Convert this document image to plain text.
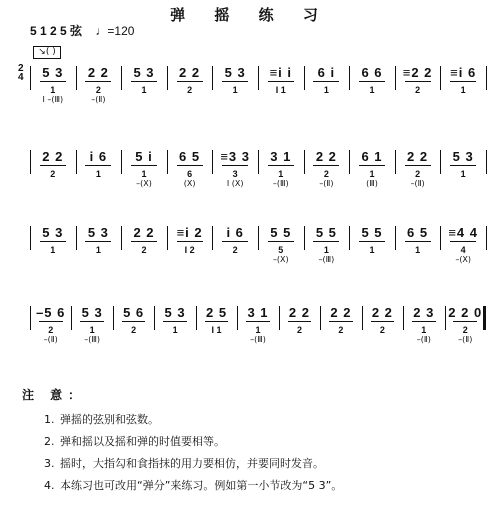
弹 摇 练 习
5 1 2 5 弦 ♩=120
↘( )
2
4	5 3
1
I –(Ⅲ)
2 2
2
–(Ⅱ)
5 3
1
2 2
2
5 3
1
≡i i
I 1
6 i
1
6 6
1
≡2 2
2
≡i 6
1
2 2
2
i 6
1
5 i
1
–(Ⅹ)
6 5
6
(Ⅹ)
≡3 3
3
I (Ⅹ)
3 1
1
–(Ⅲ)
2 2
2
–(Ⅱ)
6 1
1
(Ⅲ)
2 2
2
–(Ⅱ)
5 3
1
5 3
1
5 3
1
2 2
2
≡i 2
I 2
i 6
2
5 5
5
–(Ⅹ)
5 5
1
–(Ⅲ)
5 5
1
6 5
1
≡4 4
4
–(Ⅹ)
–5 6
2
–(Ⅱ)
5 3
1
–(Ⅲ)
5 6
2
5 3
1
2 5
I 1
3 1
1
–(Ⅲ)
2 2
2
2 2
2
2 2
2
2 3
1
–(Ⅱ)
2 2 0
2
–(Ⅱ)
注 意：
1. 弹摇的弦别和弦数。
2. 弹和摇以及摇和弹的时值要相等。
3. 摇时，大指勾和食指抹的用力要相仿，并要同时发音。
4. 本练习也可改用“弹分”来练习。例如第一小节改为“5 3”。
